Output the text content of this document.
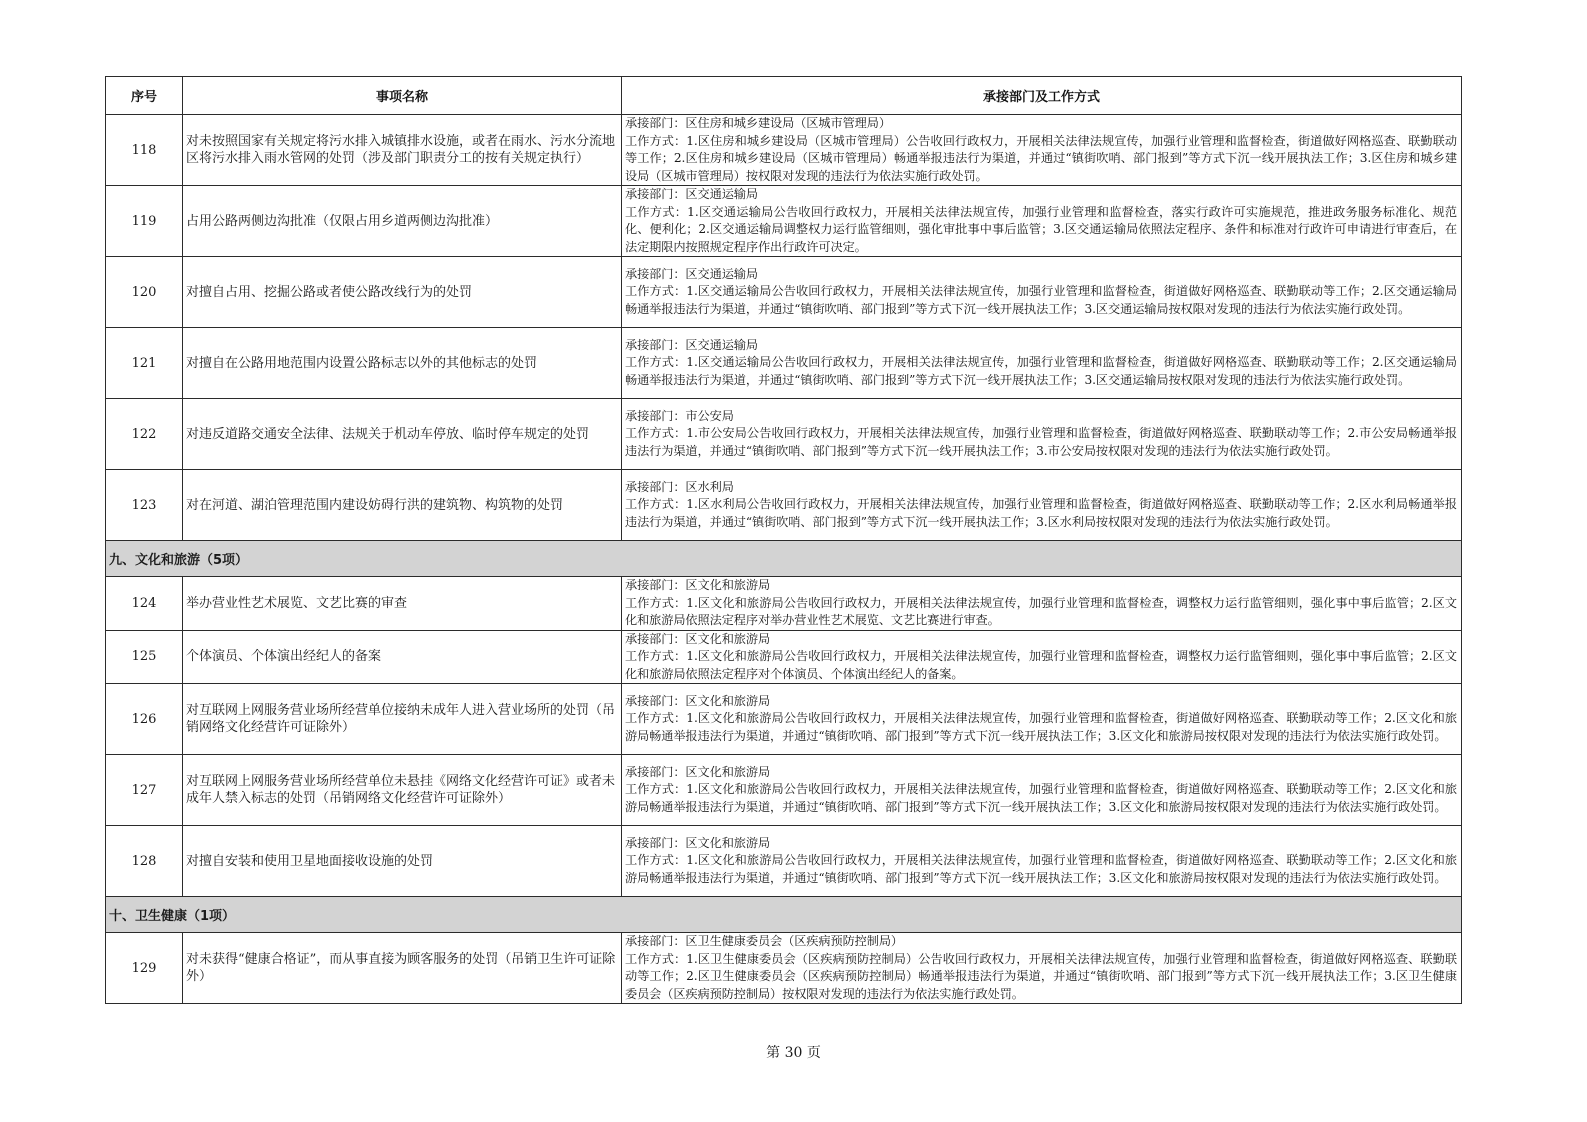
序号	事项名称	承接部门及工作方式
118	对未按照国家有关规定将污水排入城镇排水设施，或者在雨水、污水分流地区将污水排入雨水管网的处罚（涉及部门职责分工的按有关规定执行）	承接部门：区住房和城乡建设局（区城市管理局）
工作方式：1.区住房和城乡建设局（区城市管理局）公告收回行政权力，开展相关法律法规宣传，加强行业管理和监督检查，街道做好网格巡查、联勤联动等工作；2.区住房和城乡建设局（区城市管理局）畅通举报违法行为渠道，并通过“镇街吹哨、部门报到”等方式下沉一线开展执法工作；3.区住房和城乡建设局（区城市管理局）按权限对发现的违法行为依法实施行政处罚。

119	占用公路两侧边沟批准（仅限占用乡道两侧边沟批准）	承接部门：区交通运输局
工作方式：1.区交通运输局公告收回行政权力，开展相关法律法规宣传，加强行业管理和监督检查，落实行政许可实施规范，推进政务服务标准化、规范化、便利化；2.区交通运输局调整权力运行监管细则，强化审批事中事后监管；3.区交通运输局依照法定程序、条件和标准对行政许可申请进行审查后，在法定期限内按照规定程序作出行政许可决定。

120	对擅自占用、挖掘公路或者使公路改线行为的处罚	承接部门：区交通运输局
工作方式：1.区交通运输局公告收回行政权力，开展相关法律法规宣传，加强行业管理和监督检查，街道做好网格巡查、联勤联动等工作；2.区交通运输局畅通举报违法行为渠道，并通过“镇街吹哨、部门报到”等方式下沉一线开展执法工作；3.区交通运输局按权限对发现的违法行为依法实施行政处罚。

121	对擅自在公路用地范围内设置公路标志以外的其他标志的处罚	承接部门：区交通运输局
工作方式：1.区交通运输局公告收回行政权力，开展相关法律法规宣传，加强行业管理和监督检查，街道做好网格巡查、联勤联动等工作；2.区交通运输局畅通举报违法行为渠道，并通过“镇街吹哨、部门报到”等方式下沉一线开展执法工作；3.区交通运输局按权限对发现的违法行为依法实施行政处罚。

122	对违反道路交通安全法律、法规关于机动车停放、临时停车规定的处罚	承接部门：市公安局
工作方式：1.市公安局公告收回行政权力，开展相关法律法规宣传，加强行业管理和监督检查，街道做好网格巡查、联勤联动等工作；2.市公安局畅通举报违法行为渠道，并通过“镇街吹哨、部门报到”等方式下沉一线开展执法工作；3.市公安局按权限对发现的违法行为依法实施行政处罚。

123	对在河道、湖泊管理范围内建设妨碍行洪的建筑物、构筑物的处罚	承接部门：区水利局
工作方式：1.区水利局公告收回行政权力，开展相关法律法规宣传，加强行业管理和监督检查，街道做好网格巡查、联勤联动等工作；2.区水利局畅通举报违法行为渠道，并通过“镇街吹哨、部门报到”等方式下沉一线开展执法工作；3.区水利局按权限对发现的违法行为依法实施行政处罚。

九、文化和旅游（5项）		
124	举办营业性艺术展览、文艺比赛的审查	承接部门：区文化和旅游局
工作方式：1.区文化和旅游局公告收回行政权力，开展相关法律法规宣传，加强行业管理和监督检查，调整权力运行监管细则，强化事中事后监管；2.区文化和旅游局依照法定程序对举办营业性艺术展览、文艺比赛进行审查。

125	个体演员、个体演出经纪人的备案	承接部门：区文化和旅游局
工作方式：1.区文化和旅游局公告收回行政权力，开展相关法律法规宣传，加强行业管理和监督检查，调整权力运行监管细则，强化事中事后监管；2.区文化和旅游局依照法定程序对个体演员、个体演出经纪人的备案。

126	对互联网上网服务营业场所经营单位接纳未成年人进入营业场所的处罚（吊销网络文化经营许可证除外）	承接部门：区文化和旅游局
工作方式：1.区文化和旅游局公告收回行政权力，开展相关法律法规宣传，加强行业管理和监督检查，街道做好网格巡查、联勤联动等工作；2.区文化和旅游局畅通举报违法行为渠道，并通过“镇街吹哨、部门报到”等方式下沉一线开展执法工作；3.区文化和旅游局按权限对发现的违法行为依法实施行政处罚。

127	对互联网上网服务营业场所经营单位未悬挂《网络文化经营许可证》或者未成年人禁入标志的处罚（吊销网络文化经营许可证除外）	承接部门：区文化和旅游局
工作方式：1.区文化和旅游局公告收回行政权力，开展相关法律法规宣传，加强行业管理和监督检查，街道做好网格巡查、联勤联动等工作；2.区文化和旅游局畅通举报违法行为渠道，并通过“镇街吹哨、部门报到”等方式下沉一线开展执法工作；3.区文化和旅游局按权限对发现的违法行为依法实施行政处罚。

128	对擅自安装和使用卫星地面接收设施的处罚	承接部门：区文化和旅游局
工作方式：1.区文化和旅游局公告收回行政权力，开展相关法律法规宣传，加强行业管理和监督检查，街道做好网格巡查、联勤联动等工作；2.区文化和旅游局畅通举报违法行为渠道，并通过“镇街吹哨、部门报到”等方式下沉一线开展执法工作；3.区文化和旅游局按权限对发现的违法行为依法实施行政处罚。

十、卫生健康（1项）		
129	对未获得“健康合格证”，而从事直接为顾客服务的处罚（吊销卫生许可证除外）	承接部门：区卫生健康委员会（区疾病预防控制局）
工作方式：1.区卫生健康委员会（区疾病预防控制局）公告收回行政权力，开展相关法律法规宣传，加强行业管理和监督检查，街道做好网格巡查、联勤联动等工作；2.区卫生健康委员会（区疾病预防控制局）畅通举报违法行为渠道，并通过“镇街吹哨、部门报到”等方式下沉一线开展执法工作；3.区卫生健康委员会（区疾病预防控制局）按权限对发现的违法行为依法实施行政处罚。
第 30 页
